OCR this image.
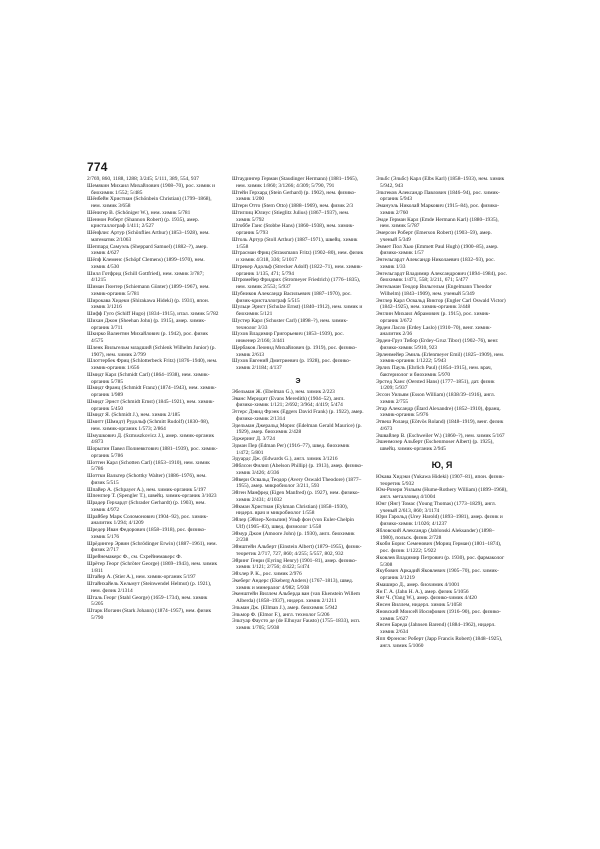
774

2/769, 860, 1188, 1288; 3/245; 5/111, 389, 554, 937

Шемякин Михаил Михайлович (1908–70), рос. химик и биохимик 1/552; 5/485

Шёнбейн Христиан (Schönbein Christian) (1799–1868), нем. химик 3/658

Шёнигер В. (Schöniger W.), нем. химик 5/781

Шеннон Роберт (Shannon Robert) (р. 1935), амер. кристаллограф 1/411; 2/527

Шёнфлис Артур (Schönflies Arthur) (1853–1928), нем. математик 2/1063

Шеппард Самуэль (Sheppard Samuel) (1882–?), амер. химик 4/627

Шёпф Клеменс (Schöpf Clemens) (1899–1970), нем. химик 4/530

Шилл Готфрид (Schill Gottfried), нем. химик 3/787; 4/1215

Шиман Гюнтер (Schiemann Günter) (1899–1967), нем. химик-органик 5/781

Широкава Хидеки (Shirakawa Hideki) (р. 1931), япон. химик 3/1216

Шифф Гуго (Schiff Hugo) (1834–1915), итал. химик 5/782

Шихан Джон (Sheehan John) (р. 1915), амер. химик-органик 3/711

Шкирко Валентин Михайлович (р. 1942), рос. физик 4/575

Шленк Вильгельм младший (Schlenk Wilhelm Junior) (р. 1907), нем. химик 2/799

Шлоттербек Фриц (Schlotterbeck Fritz) (1876–1940), нем. химик-органик 1/656

Шмидт Карл (Schmidt Carl) (1864–1938), нем. химик-органик 5/785

Шмидт Франц (Schmidt Franz) (1874–1943), нем. химик-органик 1/989

Шмидт Эрнст (Schmidt Ernst) (1845–1921), нем. химик-органик 5/450

Шмидт Я. (Schmidt J.), нем. химик 2/185

Шмитт (Шмидт) Рудольф (Schmitt Rudolf) (1830–98), нем. химик-органик 1/573; 2/864

Шмушкович Д. (Szmuszkovicz J.), амер. химик-органик 4/873

Шорыгин Павел Полиевктович (1881–1939), рос. химик-органик 5/786

Шоттен Карл (Schotten Carl) (1853–1910), нем. химик 5/786

Шоттки Вальтер (Schottky Walter) (1886–1976), нем. физик 5/515

Шпайер А. (Schpayer A.), нем. химик-органик 5/197

Шпенглер Т. (Spengler T.), швейц. химик-органик 3/1023

Шрадер Герхардт (Schrader Gerhardt) (р. 1903), нем. химик 4/972

Шрайбер Марк Соломонович (1904–92), рос. химик-аналитик 1/294; 4/1209

Шредер Иван Федорович (1858–1918), рос. физико-химик 5/176

Шрёдингер Эрвин (Schrödinger Erwin) (1887–1961), нем. физик 2/717

Шрейнемакерс Ф., см. Схрейнемакерс Ф.

Шрётер Георг (Schröter George) (1869–1943), нем. химик 1/811

Штайер А. (Stier A.), нем. химик-органик 5/197

Штайнхайель Хельмут (Steinwendel Helmut) (р. 1921), нем. физик 2/1314

Шталь Георг (Stahl George) (1659–1734), нем. химик 5/205

Штарк Иоганн (Stark Johann) (1874–1957), нем. физик 5/790

Штаудингер Герман (Staudinger Hermann) (1881–1965), нем. химик 1/860; 3/1266; 4/309; 5/790, 791

Штейн Герхард (Stein Gerhard) (р. 1902), нем. физико-химик 1/200

Штерн Отто (Stern Otto) (1888–1969), нем. физик 2/3

Штиглиц Юлиус (Stieglitz Julius) (1867–1937), нем. химик 5/792

Штоббе Ганс (Stobbe Hans) (1860–1938), нем. химик-органик 5/793

Штоль Артур (Stoll Arthur) (1887–1971), швейц. химик 1/558

Штрасман Фриц (Strassmann Fritz) (1902–80), нем. физик и химик 4/318, 336; 5/1017

Штрекер Адольф (Strecker Adolf) (1822–71), нем. химик-органик 1/135, 471; 5/794

Штромейер Фридрих (Stromeyer Friedrich) (1776–1835), нем. химик 2/553; 5/937

Шубников Александр Васильевич (1887–1970), рос. физик-кристаллограф 5/515

Шульце Эрнст (Schulze Ernst) (1840–1912), нем. химик и биохимик 5/121

Шустер Карл (Schuster Carl) (1898–?), нем. химик-технолог 3/33

Шухов Владимир Григорьевич (1853–1939), рос. инженер 2/166; 3/441

Щербаков Леонид Михайлович (р. 1919), рос. физико-химик 2/613

Шухов Евгений Дмитриевич (р. 1928), рос. физико-химик 2/1184; 4/137

Э

Эбельман Ж. (Ebelman G.), нем. химик 2/223

Эванс Меридит (Evans Meredith) (1904–52), англ. физико-химик 1/121; 2/692; 3/964; 4/419; 5/474

Эггерс Дэвид Фрэнк (Eggers David Frank) (р. 1922), амер. физико-химик 2/1314

Эдельман Джеральд Морис (Edelman Gerald Maurice) (р. 1929), амер. биохимик 2/428

Эджеринг Д. 3/724

Эдман Пер (Edman Per) (1916–77), швед. биохимик 1/472; 5/801

Эдуардс Дж. (Edwards G.), англ. химик 3/1216

Эйблсон Филип (Abelson Phillip) (р. 1913), амер. физико-химик 3/426; 4/336

Эйвери Освальд Теодор (Avery Oswald Theodore) (1877–1955), амер. микробиолог 3/211, 593

Эйген Манфред (Eigen Manfred) (р. 1927), нем. физико-химик 2/431; 4/1032

Эйкман Христиан (Eykman Christian) (1858–1930), нидерл. врач и микробиолог 1/558

Эйлер (Эйлер-Хельпин) Ульф фон (von Euler-Chelpin Ulf) (1905–83), швед. физиолог 1/558

Эймур Джон (Amoore John) (р. 1930), англ. биохимик 2/238

Эйнштейн Альберт (Einstein Albert) (1879–1955), физик-теоретик 2/717, 727, 860; 4/255; 5/557, 802, 932

Эйринг Генри (Eyring Henry) (1901–81), амер. физико-химик 1/121; 2/756; 4/422; 5/474

Эйхлер Р. К., рос. химик 2/976

Экеберг Андерс (Ekeberg Anders) (1767–1813), швед. химик и минералог 4/982; 5/938

Экенштейн Виллем Альберда ван (van Ekenstein Willem Alberda) (1858–1937), нидерл. химик 2/1211

Эльман Дж. (Ellman J.), амер. биохимик 5/942

Эльмор Ф. (Elmor F.), англ. технолог 5/206

Эльтуар Фаусто де (de Elhuyar Fausto) (1755–1833), исп. химик 1/705; 5/938

Эльбс (Эльбс) Карл (Elbs Karl) (1858–1933), нем. химик 5/942, 943

Эльтеков Александр Павлович (1846–94), рос. химик-органик 5/943

Эмануэль Николай Маркович (1915–84), рос. физико-химик 2/760

Эмде Герман Карл (Emde Hermann Karl) (1880–1935), нем. химик 5/787

Эмерсон Роберт (Emerson Robert) (1903–59), амер. ученый 5/349

Эммет Пол Хью (Emmett Paul Hugh) (1900–85), амер. физико-химик 1/57

Энгельгардт Александр Николаевич (1832–93), рос. химик 1/33

Энгельгардт Владимир Александрович (1894–1984), рос. биохимик 1/471, 558; 3/211, 671; 5/477

Энгельман Теодор Вильгельм (Engelmann Theodor Wilhelm) (1843–1909), нем. ученый 5/349

Энглер Карл Освальд Виктор (Engler Carl Oswald Victor) (1842–1925), нем. химик-органик 3/448

Энглин Михаил Абрамович (р. 1915), рос. химик-органик 3/672

Эрдеи Ласло (Erdey Laslo) (1910–70), венг. химик-аналитик 2/36

Эрдеи-Груз Тибор (Erdey-Gruz Tibor) (1902–76), венг. физико-химик 5/910, 923

Эрленмейер Эмиль (Erlenmeyer Emil) (1825–1909), нем. химик-органик 1/1222; 5/943

Эрлих Пауль (Ehrlich Paul) (1854–1915), нем. врач, бактериолог и биохимик 5/970

Эрстед Ханс (Oersted Hans) (1777–1851), дат. физик 1/209; 5/937

Эссон Уильям (Esson William) (1838/39–1916), англ. химик 2/755

Этар Александр (Étard Alexandre) (1852–1910), франц. химик-органик 5/976

Этвеш Роланд (Eötvös Roland) (1848–1919), венг. физик 4/673

Эшвайлер В. (Eschweiler W.) (1860–?), нем. химик 5/167

Эшенмозер Альберт (Eschenmoser Albert) (р. 1925), швейц. химик-органик 2/945

Ю, Я

Юкава Хидэки (Yukawa Hideki) (1907–81), япон. физик-теоретик 5/932

Юм-Розери Уильям (Hume-Rothery William) (1899–1968), англ. металловед 4/1004

Юнг (Янг) Томас (Young Thomas) (1773–1829), англ. ученый 2/613, 860; 3/1174

Юри Гарольд (Urey Harold) (1893–1981), амер. физик и физико-химик 1/1026; 4/1237

Ябловский Александр (Jablonski Aleksander) (1898–1980), польск. физик 2/728

Якоби Борис Семенович (Мориц Герман) (1801–1874), рос. физик 1/1222; 5/922

Яковлев Владимир Петрович (р. 1930), рос. фармаколог 5/308

Якубович Аркадий Яковлевич (1905–70), рос. химик-органик 3/1219

Ямаширо Д., амер. биохимик 4/1001

Ян Г. А. (Jahn H. A.), амер. физик 5/1056

Янг Ч. (Yang W.), амер. физико-химик 4/420

Янсен Виллем, нидерл. химик 5/1058

Яновский Моисей Иосифович (1916–90), рос. физико-химик 5/627

Янсен Бареда (Jahnsen Barend) (1884–1962), нидерл. химик 2/634

Япп Фрэнсис Роберт (Japp Francis Robert) (1848–1925), англ. химик 5/1060
